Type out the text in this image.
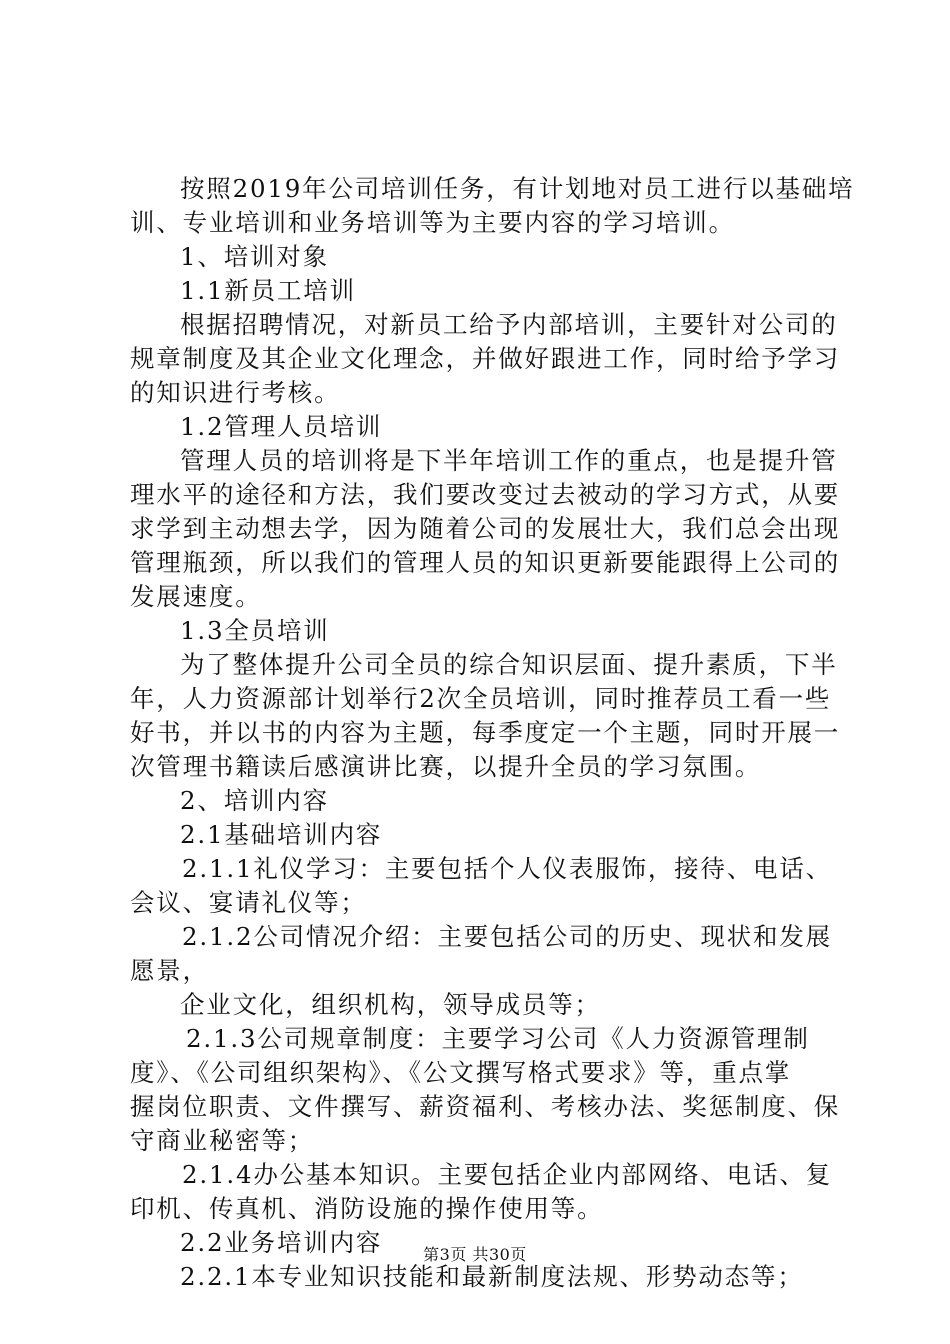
按照2019年公司培训任务，有计划地对员工进行以基础培
训、专业培训和业务培训等为主要内容的学习培训。
1、培训对象
1.1新员工培训
根据招聘情况，对新员工给予内部培训，主要针对公司的
规章制度及其企业文化理念，并做好跟进工作，同时给予学习
的知识进行考核。
1.2管理人员培训
管理人员的培训将是下半年培训工作的重点，也是提升管
理水平的途径和方法，我们要改变过去被动的学习方式，从要
求学到主动想去学，因为随着公司的发展壮大，我们总会出现
管理瓶颈，所以我们的管理人员的知识更新要能跟得上公司的
发展速度。
1.3全员培训
为了整体提升公司全员的综合知识层面、提升素质，下半
年，人力资源部计划举行2次全员培训，同时推荐员工看一些
好书，并以书的内容为主题，每季度定一个主题，同时开展一
次管理书籍读后感演讲比赛，以提升全员的学习氛围。
2、培训内容
2.1基础培训内容
2.1.1礼仪学习：主要包括个人仪表服饰，接待、电话、
会议、宴请礼仪等；
2.1.2公司情况介绍：主要包括公司的历史、现状和发展
愿景，
企业文化，组织机构，领导成员等；
2.1.3公司规章制度：主要学习公司《人力资源管理制
度》、《公司组织架构》、《公文撰写格式要求》等，重点掌
握岗位职责、文件撰写、薪资福利、考核办法、奖惩制度、保
守商业秘密等；
2.1.4办公基本知识。主要包括企业内部网络、电话、复
印机、传真机、消防设施的操作使用等。
2.2业务培训内容
2.2.1本专业知识技能和最新制度法规、形势动态等；
第3页 共30页
